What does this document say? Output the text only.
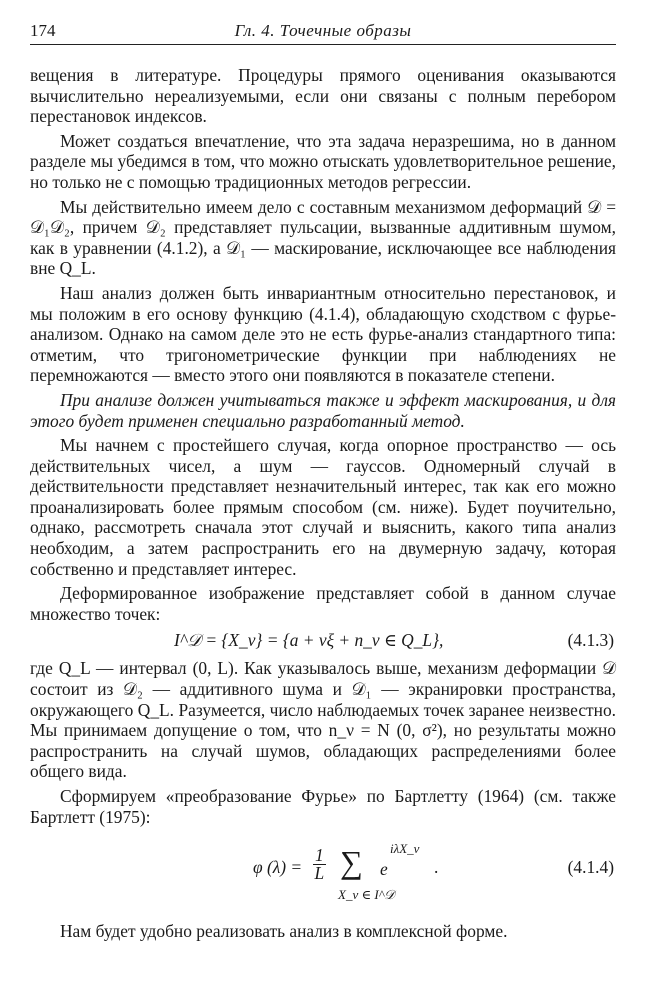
174	Гл. 4. Точечные образы

вещения в литературе. Процедуры прямого оценивания оказываются вычислительно нереализуемыми, если они связаны с полным перебором перестановок индексов.

Может создаться впечатление, что эта задача неразрешима, но в данном разделе мы убедимся в том, что можно отыскать удовлетворительное решение, но только не с помощью традиционных методов регрессии.

Мы действительно имеем дело с составным механизмом деформаций 𝒟 = 𝒟₁𝒟₂, причем 𝒟₂ представляет пульсации, вызванные аддитивным шумом, как в уравнении (4.1.2), а 𝒟₁ — маскирование, исключающее все наблюдения вне Q_L.

Наш анализ должен быть инвариантным относительно перестановок, и мы положим в его основу функцию (4.1.4), обладающую сходством с фурье-анализом. Однако на самом деле это не есть фурье-анализ стандартного типа: отметим, что тригонометрические функции при наблюдениях не перемножаются — вместо этого они появляются в показателе степени.

При анализе должен учитываться также и эффект маскирования, и для этого будет применен специально разработанный метод.

Мы начнем с простейшего случая, когда опорное пространство — ось действительных чисел, а шум — гауссов. Одномерный случай в действительности представляет незначительный интерес, так как его можно проанализировать более прямым способом (см. ниже). Будет поучительно, однако, рассмотреть сначала этот случай и выяснить, какого типа анализ необходим, а затем распространить его на двумерную задачу, которая собственно и представляет интерес.

Деформированное изображение представляет собой в данном случае множество точек:

I^𝒟 = {X_ν} = {a + νξ + n_ν ∈ Q_L},	(4.1.3)

где Q_L — интервал (0, L). Как указывалось выше, механизм деформации 𝒟 состоит из 𝒟₂ — аддитивного шума и 𝒟₁ — экранировки пространства, окружающего Q_L. Разумеется, число наблюдаемых точек заранее неизвестно. Мы принимаем допущение о том, что n_ν = N (0, σ²), но результаты можно распространить на случай шумов, обладающих распределениями более общего вида.

Сформируем «преобразование Фурье» по Бартлетту (1964) (см. также Бартлетт (1975):

φ $(\lambda) = \frac{1}{L}$ ∑
X_ν ∈ I^𝒟
e
iλX_ν
.	(4.1.4)

Нам будет удобно реализовать анализ в комплексной форме.
